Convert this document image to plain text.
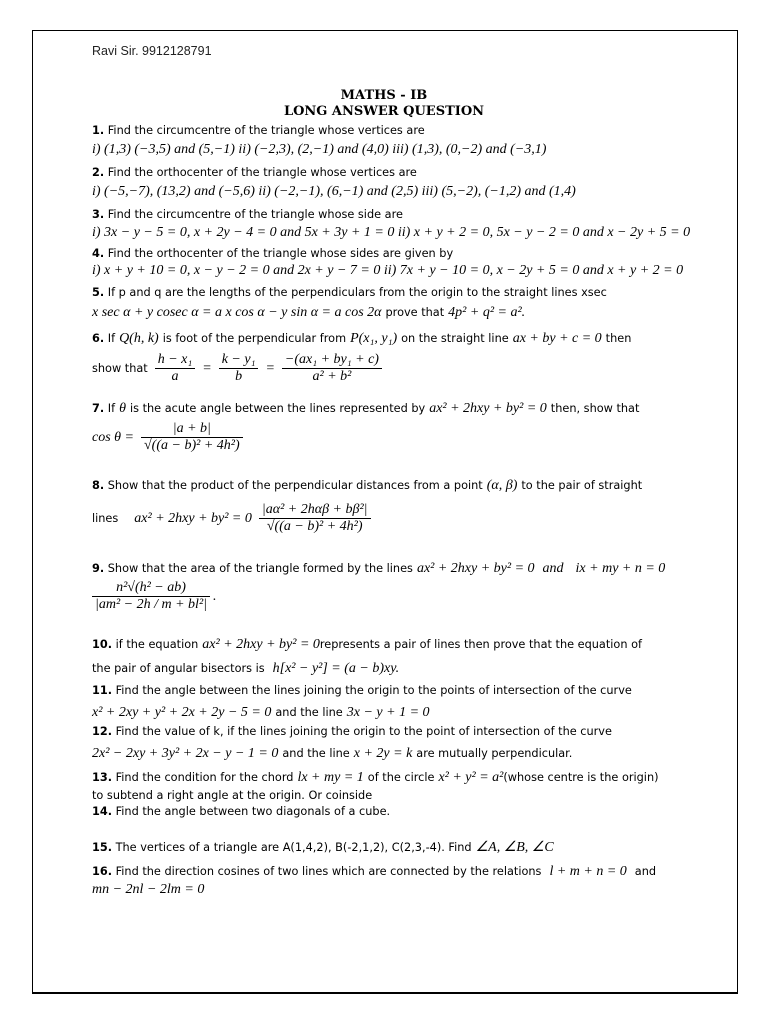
Ravi Sir. 9912128791
MATHS - IB
LONG ANSWER QUESTION
1. Find the circumcentre of the triangle whose vertices are
i) (1,3) (−3,5) and (5,−1) ii) (−2,3), (2,−1) and (4,0) iii) (1,3), (0,−2) and (−3,1)
2. Find the orthocenter of the triangle whose vertices are
i) (−5,−7), (13,2) and (−5,6) ii) (−2,−1), (6,−1) and (2,5) iii) (5,−2), (−1,2) and (1,4)
3. Find the circumcentre of the triangle whose side are
i) 3x − y − 5 = 0, x + 2y − 4 = 0 and 5x + 3y + 1 = 0 ii) x + y + 2 = 0, 5x − y − 2 = 0 and x − 2y + 5 = 0
4. Find the orthocenter of the triangle whose sides are given by
i) x + y + 10 = 0, x − y − 2 = 0 and 2x + y − 7 = 0 ii) 7x + y − 10 = 0, x − 2y + 5 = 0 and x + y + 2 = 0
5. If p and q are the lengths of the perpendiculars from the origin to the straight lines xsec
x sec α + y cosec α = a x cos α − y sin α = a cos 2α prove that 4p² + q² = a².
6. If Q(h, k) is foot of the perpendicular from P(x₁, y₁) on the straight line ax + by + c = 0 then
show that $\frac{\text{h − x₁}}{a} = \frac{\text{k − y₁}}{b} = \frac{\text{−(ax₁ + by₁ + c)}}{\text{a² + b²}}$
7. If θ is the acute angle between the lines represented by ax² + 2hxy + by² = 0 then, show that
$\cos \theta = \frac{|a + b|}{\text{√((a − b)² + 4h²)}}$
8. Show that the product of the perpendicular distances from a point (α, β) to the pair of straight
lines $ax^2 + 2hxy + by^2 = 0 \frac{\text{|aα² + 2hαβ + bβ²|}}{\text{√((a − b)² + 4h²)}}$
9. Show that the area of the triangle formed by the lines ax² + 2hxy + by² = 0 and ix + my + n = 0
$\frac{\text{n²√(h² − ab)}}{\text{|am² − 2h / m + bl²|}}$ .
10. if the equation ax² + 2hxy + by² = 0represents a pair of lines then prove that the equation of
the pair of angular bisectors is h[x² − y²] = (a − b)xy.
11. Find the angle between the lines joining the origin to the points of intersection of the curve
x² + 2xy + y² + 2x + 2y − 5 = 0 and the line 3x − y + 1 = 0
12. Find the value of k, if the lines joining the origin to the point of intersection of the curve
2x² − 2xy + 3y² + 2x − y − 1 = 0 and the line x + 2y = k are mutually perpendicular.
13. Find the condition for the chord lx + my = 1 of the circle x² + y² = a²(whose centre is the origin)
to subtend a right angle at the origin. Or coinside
14. Find the angle between two diagonals of a cube.
15. The vertices of a triangle are A(1,4,2), B(-2,1,2), C(2,3,-4). Find ∠A, ∠B, ∠C
16. Find the direction cosines of two lines which are connected by the relations l + m + n = 0 and
mn − 2nl − 2lm = 0
